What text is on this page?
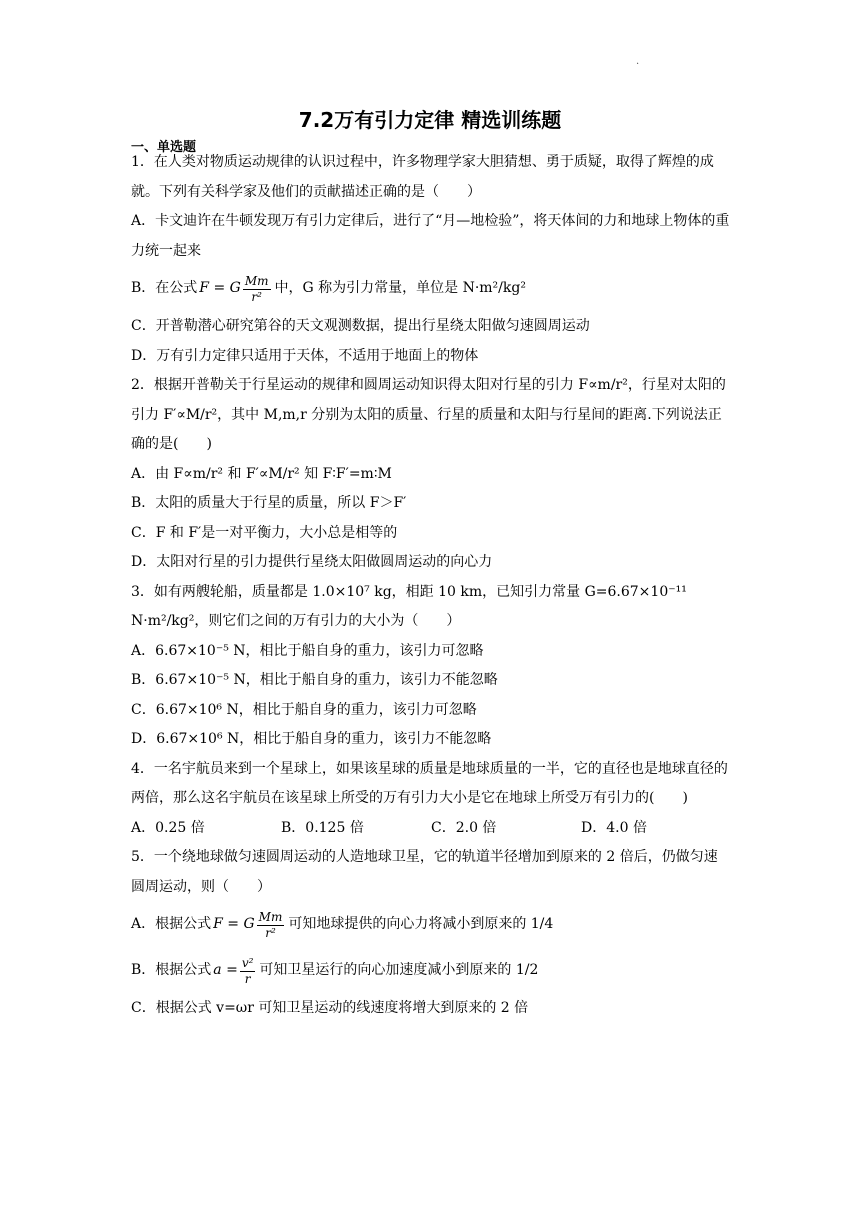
.
7.2万有引力定律 精选训练题
一、单选题

1．在人类对物质运动规律的认识过程中，许多物理学家大胆猜想、勇于质疑，取得了辉煌的成就。下列有关科学家及他们的贡献描述正确的是（　　）

A．卡文迪许在牛顿发现万有引力定律后，进行了“月—地检验”，将天体间的力和地球上物体的重力统一起来

B．在公式 F = G $\frac{Mm}{\text{r²}}$ 中，G 称为引力常量，单位是 N·m²/kg²

C．开普勒潜心研究第谷的天文观测数据，提出行星绕太阳做匀速圆周运动

D．万有引力定律只适用于天体，不适用于地面上的物体

2．根据开普勒关于行星运动的规律和圆周运动知识得太阳对行星的引力 F∝m/r²，行星对太阳的引力 F′∝M/r²，其中 M,m,r 分别为太阳的质量、行星的质量和太阳与行星间的距离.下列说法正确的是(　　)

A．由 F∝m/r² 和 F′∝M/r² 知 F∶F′=m∶M

B．太阳的质量大于行星的质量，所以 F＞F′

C．F 和 F′是一对平衡力，大小总是相等的

D．太阳对行星的引力提供行星绕太阳做圆周运动的向心力

3．如有两艘轮船，质量都是 1.0×10⁷ kg，相距 10 km，已知引力常量 G=6.67×10⁻¹¹ N·m²/kg²，则它们之间的万有引力的大小为（　　）

A．6.67×10⁻⁵ N，相比于船自身的重力，该引力可忽略

B．6.67×10⁻⁵ N，相比于船自身的重力，该引力不能忽略

C．6.67×10⁶ N，相比于船自身的重力，该引力可忽略

D．6.67×10⁶ N，相比于船自身的重力，该引力不能忽略

4．一名宇航员来到一个星球上，如果该星球的质量是地球质量的一半，它的直径也是地球直径的两倍，那么这名宇航员在该星球上所受的万有引力大小是它在地球上所受万有引力的(　　)

A．0.25 倍	B．0.125 倍	C．2.0 倍	D．4.0 倍

5．一个绕地球做匀速圆周运动的人造地球卫星，它的轨道半径增加到原来的 2 倍后，仍做匀速圆周运动，则（　　）

A．根据公式 F = G $\frac{Mm}{\text{r²}}$ 可知地球提供的向心力将减小到原来的 1/4
B．根据公式 $a = \frac{\text{v²}}{r}$ 可知卫星运行的向心加速度减小到原来的 1/2

C．根据公式 v=ωr 可知卫星运动的线速度将增大到原来的 2 倍
